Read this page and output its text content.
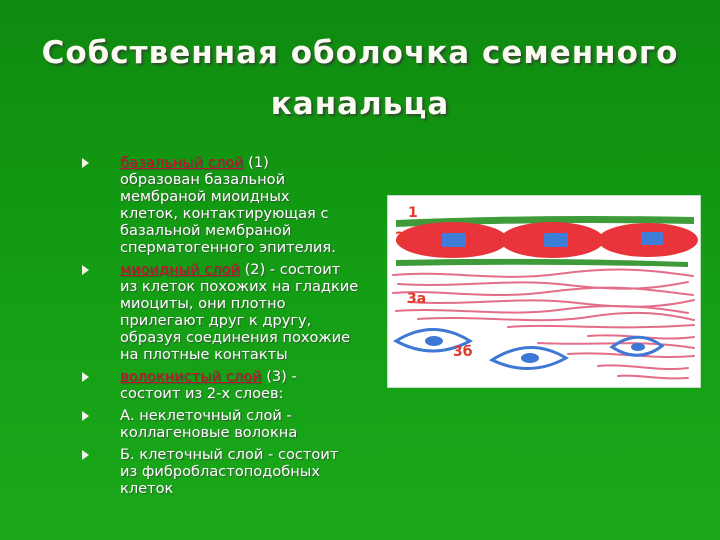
Собственная оболочка семенного
канальца
базальный слой (1)
образован базальной
мембраной миоидных
клеток, контактирующая с
базальной мембраной
сперматогенного эпителия.
миоидный слой (2) - состоит
из клеток похожих на гладкие
миоциты, они плотно
прилегают друг к другу,
образуя соединения похожие
на плотные контакты
волокнистый слой (3) -
состоит из 2-х слоев:
А. неклеточный слой -
коллагеновые волокна
Б. клеточный слой - состоит
из фибробластоподобных
клеток
1
2
3а
3б
